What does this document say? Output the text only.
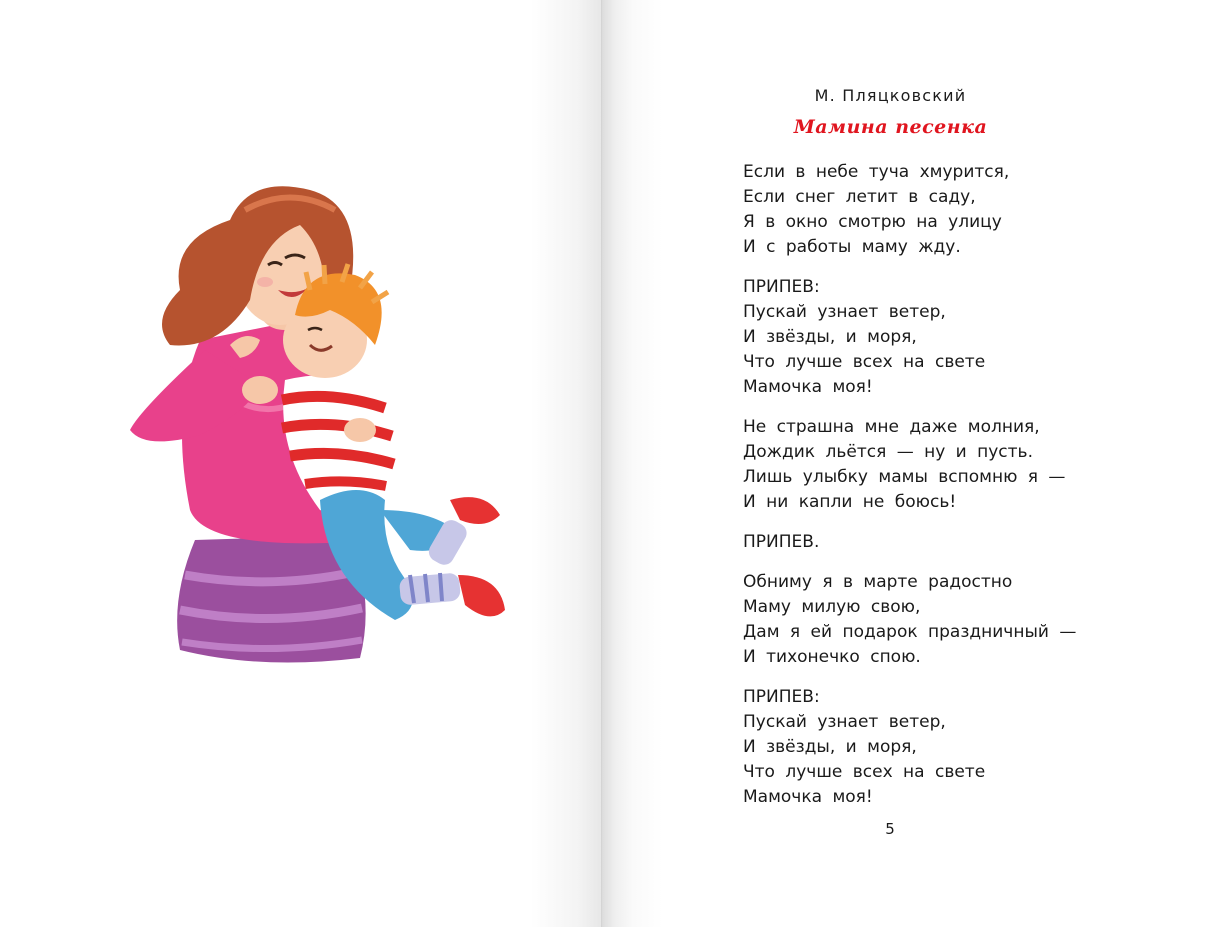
М. Пляцковский
Мамина песенка
Если в небе туча хмурится,
Если снег летит в саду,
Я в окно смотрю на улицу
И с работы маму жду.
ПРИПЕВ:
Пускай узнает ветер,
И звёзды, и моря,
Что лучше всех на свете
Мамочка моя!
Не страшна мне даже молния,
Дождик льётся — ну и пусть.
Лишь улыбку мамы вспомню я —
И ни капли не боюсь!
ПРИПЕВ.
Обниму я в марте радостно
Маму милую свою,
Дам я ей подарок праздничный —
И тихонечко спою.
ПРИПЕВ:
Пускай узнает ветер,
И звёзды, и моря,
Что лучше всех на свете
Мамочка моя!
5
